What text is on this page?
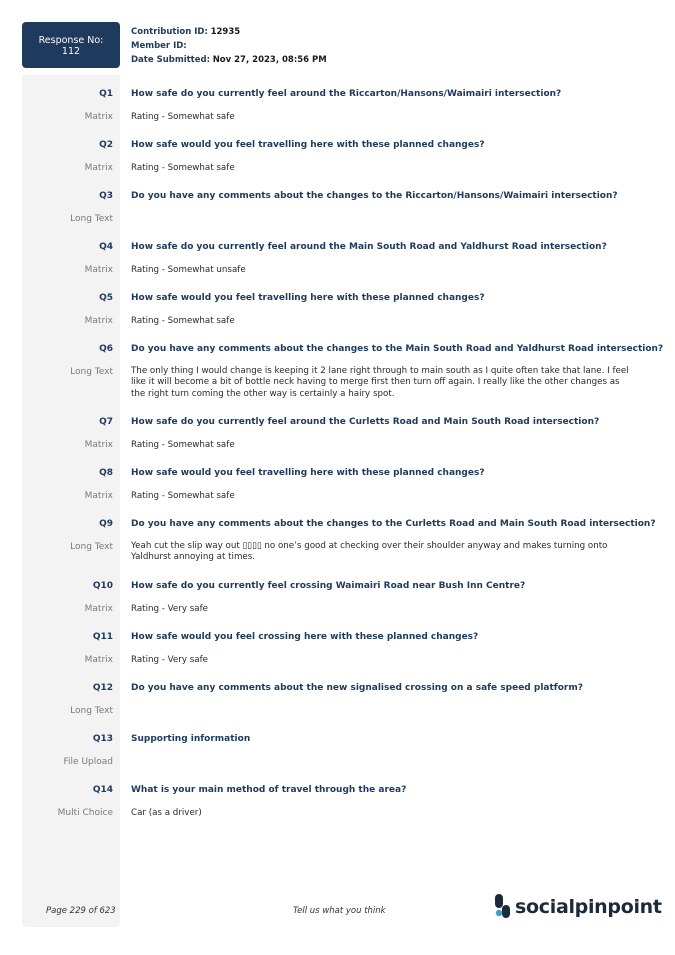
Response No:
112
Contribution ID: 12935
Member ID:
Date Submitted: Nov 27, 2023, 08:56 PM
Q1 How safe do you currently feel around the Riccarton/Hansons/Waimairi intersection?
Matrix Rating - Somewhat safe
Q2 How safe would you feel travelling here with these planned changes?
Matrix Rating - Somewhat safe
Q3 Do you have any comments about the changes to the Riccarton/Hansons/Waimairi intersection?
Long Text
Q4 How safe do you currently feel around the Main South Road and Yaldhurst Road intersection?
Matrix Rating - Somewhat unsafe
Q5 How safe would you feel travelling here with these planned changes?
Matrix Rating - Somewhat safe
Q6 Do you have any comments about the changes to the Main South Road and Yaldhurst Road intersection?
Long Text The only thing I would change is keeping it 2 lane right through to main south as I quite often take that lane. I feel like it will become a bit of bottle neck having to merge first then turn off again. I really like the other changes as the right turn coming the other way is certainly a hairy spot.
Q7 How safe do you currently feel around the Curletts Road and Main South Road intersection?
Matrix Rating - Somewhat safe
Q8 How safe would you feel travelling here with these planned changes?
Matrix Rating - Somewhat safe
Q9 Do you have any comments about the changes to the Curletts Road and Main South Road intersection?
Long Text Yeah cut the slip way out ▯▯▯▯ no one’s good at checking over their shoulder anyway and makes turning onto Yaldhurst annoying at times.
Q10 How safe do you currently feel crossing Waimairi Road near Bush Inn Centre?
Matrix Rating - Very safe
Q11 How safe would you feel crossing here with these planned changes?
Matrix Rating - Very safe
Q12 Do you have any comments about the new signalised crossing on a safe speed platform?
Long Text
Q13 Supporting information
File Upload
Q14 What is your main method of travel through the area?
Multi Choice Car (as a driver)
Page 229 of 623	Tell us what you think	socialpinpoint
